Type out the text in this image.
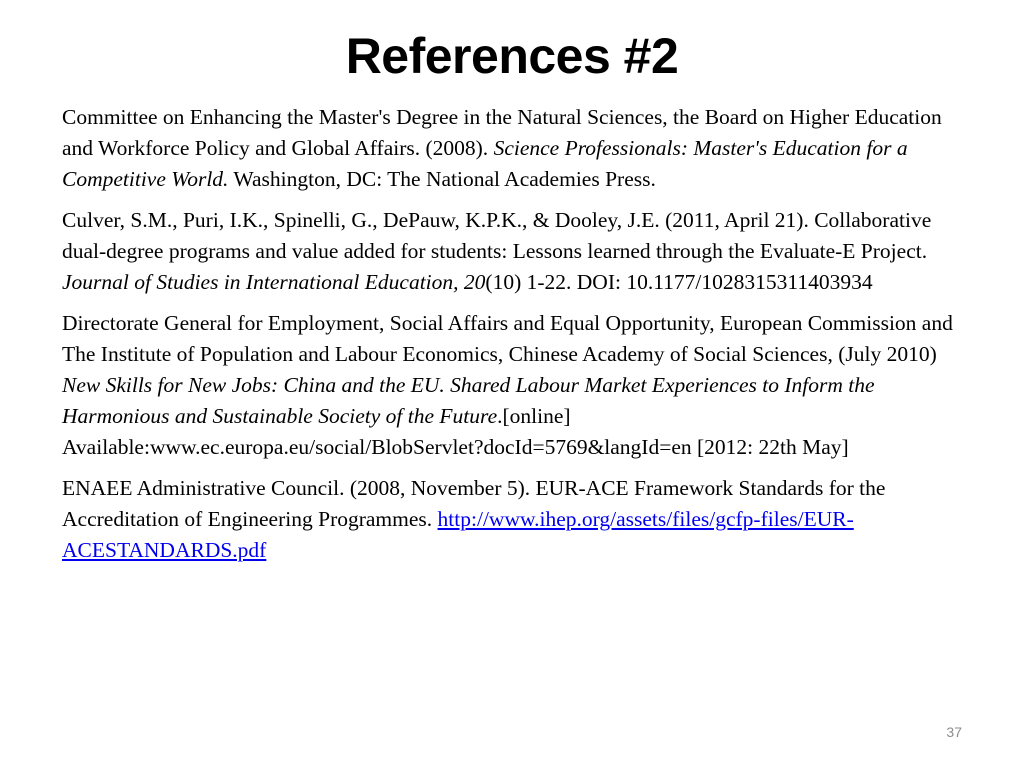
References #2

Committee on Enhancing the Master's Degree in the Natural Sciences, the Board on Higher Education and Workforce Policy and Global Affairs. (2008). Science Professionals: Master's Education for a Competitive World. Washington, DC: The National Academies Press.

Culver, S.M., Puri, I.K., Spinelli, G., DePauw, K.P.K., & Dooley, J.E. (2011, April 21). Collaborative dual-degree programs and value added for students: Lessons learned through the Evaluate-E Project. Journal of Studies in International Education, 20(10) 1-22. DOI: 10.1177/1028315311403934

Directorate General for Employment, Social Affairs and Equal Opportunity, European Commission and The Institute of Population and Labour Economics, Chinese Academy of Social Sciences, (July 2010) New Skills for New Jobs: China and the EU. Shared Labour Market Experiences to Inform the Harmonious and Sustainable Society of the Future.[online] Available:www.ec.europa.eu/social/BlobServlet?docId=5769&langId=en [2012: 22th May]

ENAEE Administrative Council. (2008, November 5). EUR-ACE Framework Standards for the Accreditation of Engineering Programmes. http://www.ihep.org/assets/files/gcfp-files/EUR-ACESTANDARDS.pdf

37
